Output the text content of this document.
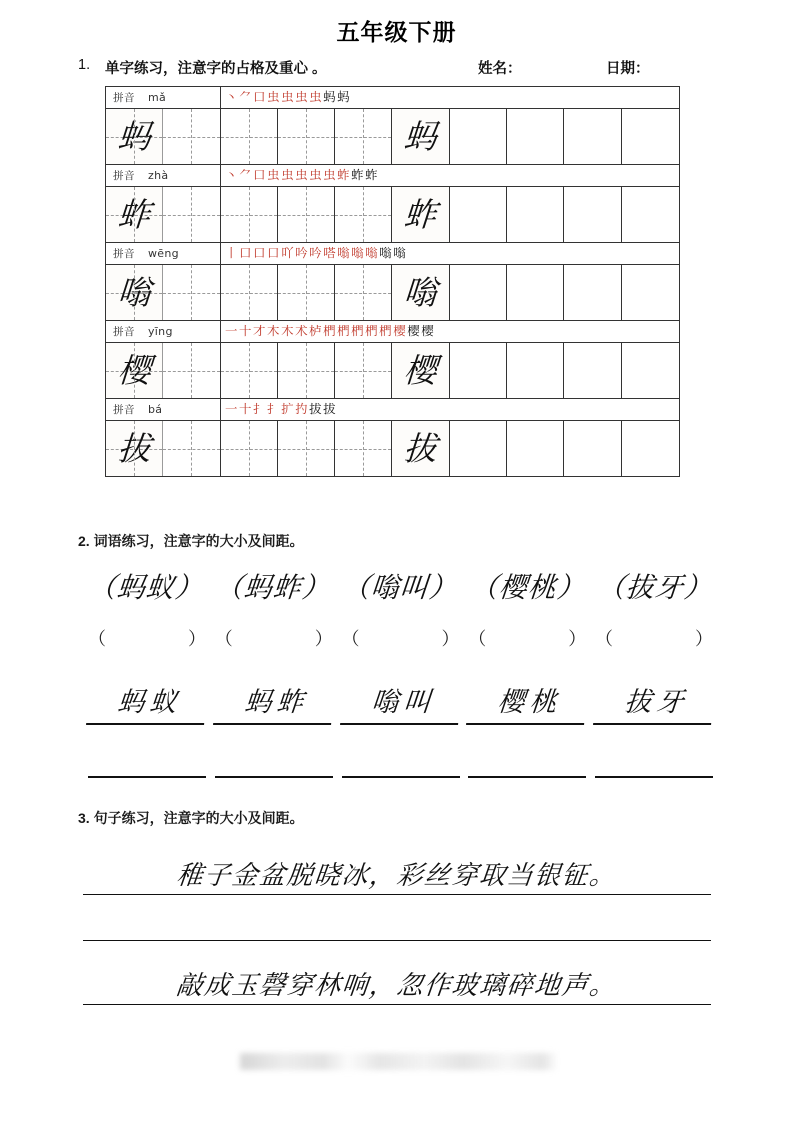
五年级下册
1. 单字练习，注意字的占格及重心 。	姓名：	日期：
拼音 mǎ	丶 ⺈ 口 虫 虫 虫 虫 蚂 蚂
蚂	蚂
拼音 zhà	丶 ⺈ 口 虫 虫 虫 虫 虫 蚱 蚱 蚱
蚱	蚱
拼音 wēng	丨 口 口 口 吖 吟 吟 嗒 嗡 嗡 嗡 嗡 嗡
嗡	嗡
拼音 yīng	一 十 才 木 木 术 栌 椚 椚 椚 椚 椚 樱 樱 樱
樱	樱
拼音 bá	一 十 扌 扌 扩 扚 拔 拔
拔	拔
2. 词语练习，注意字的大小及间距。
（蚂蚁） （蚂蚱） （嗡叫） （樱桃） （拔牙）
（	） （	） （	） （	） （	）
蚂蚁	蚂蚱	嗡叫	樱桃	拔牙
3. 句子练习，注意字的大小及间距。
稚子金盆脱晓冰，彩丝穿取当银钲。
敲成玉磬穿林响，忽作玻璃碎地声。
